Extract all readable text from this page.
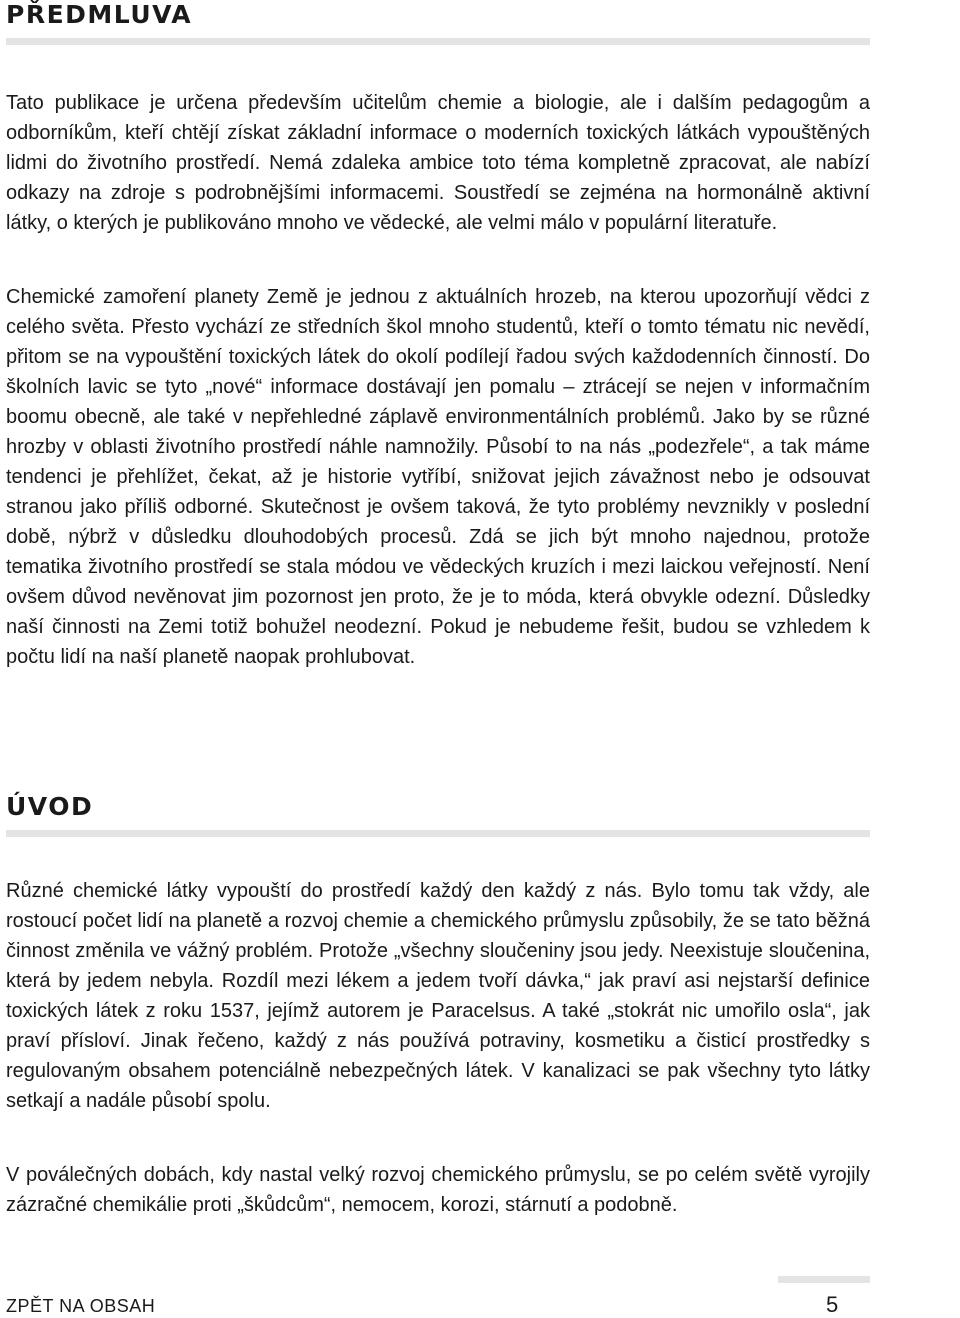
PŘEDMLUVA

Tato publikace je určena především učitelům chemie a biologie, ale i dalším pedagogům a odborníkům, kteří chtějí získat základní informace o moderních toxických látkách vypouštěných lidmi do životního prostředí. Nemá zdaleka ambice toto téma kompletně zpracovat, ale nabízí odkazy na zdroje s podrobnějšími informacemi. Soustředí se zejména na hormonálně aktivní látky, o kterých je publikováno mnoho ve vědecké, ale velmi málo v populární literatuře.

Chemické zamoření planety Země je jednou z aktuálních hrozeb, na kterou upozorňují vědci z celého světa. Přesto vychází ze středních škol mnoho studentů, kteří o tomto tématu nic nevědí, přitom se na vypouštění toxických látek do okolí podílejí řadou svých každodenních činností. Do školních lavic se tyto „nové“ informace dostávají jen pomalu – ztrácejí se nejen v informačním boomu obecně, ale také v nepřehledné záplavě environmentálních problémů. Jako by se různé hrozby v oblasti životního prostředí náhle namnožily. Působí to na nás „podezřele“, a tak máme tendenci je přehlížet, čekat, až je historie vytříbí, snižovat jejich závažnost nebo je odsouvat stranou jako příliš odborné. Skutečnost je ovšem taková, že tyto problémy nevznikly v poslední době, nýbrž v důsledku dlouhodobých procesů. Zdá se jich být mnoho najednou, protože tematika životního prostředí se stala módou ve vědeckých kruzích i mezi laickou veřejností. Není ovšem důvod nevěnovat jim pozornost jen proto, že je to móda, která obvykle odezní. Důsledky naší činnosti na Zemi totiž bohužel neodezní. Pokud je nebudeme řešit, budou se vzhledem k počtu lidí na naší planetě naopak prohlubovat.

ÚVOD

Různé chemické látky vypouští do prostředí každý den každý z nás. Bylo tomu tak vždy, ale rostoucí počet lidí na planetě a rozvoj chemie a chemického průmyslu způsobily, že se tato běžná činnost změnila ve vážný problém. Protože „všechny sloučeniny jsou jedy. Neexistuje sloučenina, která by jedem nebyla. Rozdíl mezi lékem a jedem tvoří dávka,“ jak praví asi nejstarší definice toxických látek z roku 1537, jejímž autorem je Paracelsus. A také „stokrát nic umořilo osla“, jak praví přísloví. Jinak řečeno, každý z nás používá potraviny, kosmetiku a čisticí prostředky s regulovaným obsahem potenciálně nebezpečných látek. V kanalizaci se pak všechny tyto látky setkají a nadále působí spolu.

V poválečných dobách, kdy nastal velký rozvoj chemického průmyslu, se po celém světě vyrojily zázračné chemikálie proti „škůdcům“, nemocem, korozi, stárnutí a podobně.

ZPĚT NA OBSAH	5
